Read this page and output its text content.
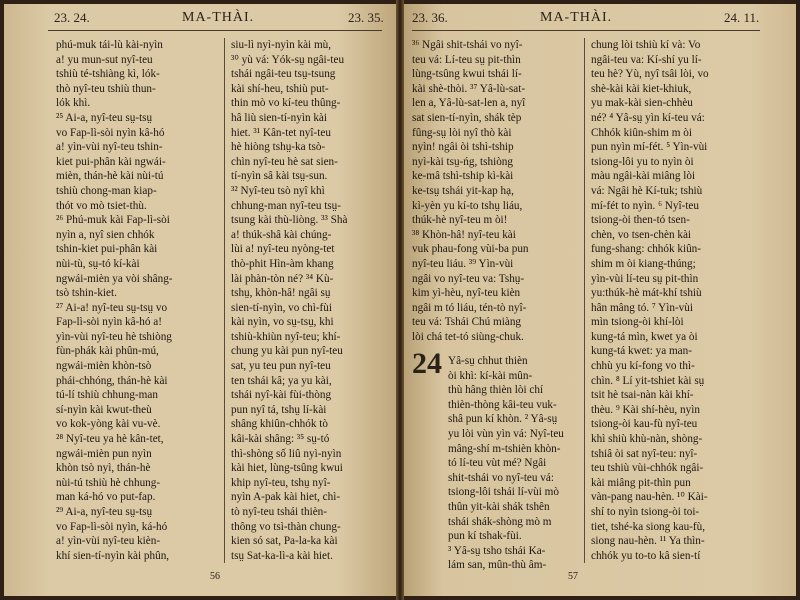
23. 24.	MA-THÀI.	23. 35.

phú-muk tái-lù kài-nyìn

a! yu mun-sut nyî-teu

tshiù té-tshiàng kì, lók-

thò nyî-teu tshiù thun-

lók khì.

²⁵ Ai-a, nyî-teu sṳ-tsṳ

vo Fap-lì-sòi nyìn kâ-hó

a! yìn-vùi nyî-teu tshin-

kiet pui-phân kài ngwái-

mièn, thán-hè kài nùi-tú

tshiù chong-man kiap-

thót vo mò tsiet-thù.

²⁶ Phú-muk kài Fap-lì-sòi

nyìn a, nyî sien chhók

tshin-kiet pui-phân kài

nùi-tù, sṳ-tó kí-kài

ngwái-mièn ya vòi shâng-

tsò tshin-kiet.

²⁷ Ai-a! nyî-teu sṳ-tsṳ vo

Fap-lì-sòi nyìn kâ-hó a!

yìn-vùi nyî-teu hè tshiòng

fùn-phák kài phûn-mú,

ngwái-mièn khòn-tsò

phái-chhóng, thán-hè kài

tú-lí tshiù chhung-man

sí-nyìn kài kwut-theù

vo kok-yòng kài vu-vè.

²⁸ Nyî-teu ya hè kân-tet,

ngwái-mièn pun nyìn

khòn tsò nyì, thán-hè

nùi-tú tshiù hè chhung-

man ká-hó vo put-fap.

²⁹ Ai-a, nyî-teu sṳ-tsṳ

vo Fap-lì-sòi nyìn, ká-hó

a! yìn-vùi nyî-teu kièn-

khí sien-tí-nyìn kài phûn,

siu-lì nyì-nyìn kài mù,

³⁰ yù vá: Yók-sṳ ngâi-teu

tshái ngâi-teu tsṳ-tsung

kài shí-heu, tshiù put-

thin mò vo kí-teu thûng-

hâ liù sien-tí-nyìn kài

hiet. ³¹ Kân-tet nyî-teu

hè hiòng tshṳ-ka tsò-

chìn nyî-teu hè sat sien-

tí-nyìn sâ kài tsṳ-sun.

³² Nyî-teu tsò nyî khì

chhung-man nyî-teu tsṳ-

tsung kài thù-liòng. ³³ Shà

a! thúk-shâ kài chúng-

lùi a! nyî-teu nyòng-tet

thò-phit Hìn-àm khang

lài phàn-tòn né? ³⁴ Kù-

tshṳ, khòn-hâ! ngâi sṳ

sien-tí-nyìn, vo chì-fùi

kài nyìn, vo sṳ-tsṳ, khi

tshiù-khiùn nyî-teu; khí-

chung yu kài pun nyî-teu

sat, yu teu pun nyî-teu

ten tshái kâ; ya yu kài,

tshái nyî-kài fùi-thòng

pun nyî tá, tshṳ lí-kài

shâng khiûn-chhók tò

kâi-kài shâng: ³⁵ sṳ-tó

thì-shòng số liû nyì-nyìn

kài hiet, lùng-tsûng kwui

khip nyî-teu, tshṳ nyî-

nyìn A-pak kài hiet, chì-

tò nyî-teu tshái thièn-

thông vo tsì-thàn chung-

kien só sat, Pa-la-ka kài

tsṳ Sat-ka-lì-a kài hiet.

56
23. 36.	MA-THÀI.	24. 11.

³⁶ Ngâi shit-tshái vo nyî-

teu vá: Lí-teu sṳ pit-thìn

lùng-tsûng kwui tshái lí-

kài shè-thòi. ³⁷ Yâ-lù-sat-

len a, Yâ-lù-sat-len a, nyî

sat sien-tí-nyìn, shák tèp

fûng-sṳ lòi nyî thò kài

nyìn! ngâi òi tshì-tship

nyì-kài tsṳ-ńg, tshiòng

ke-mâ tshì-tship kì-kài

ke-tsṳ tshái yit-kap hạ,

kì-yèn yu kí-to tshṳ liáu,

thúk-hè nyî-teu m òi!

³⁸ Khòn-hâ! nyî-teu kài

vuk phau-fong vùi-ba pun

nyî-teu liáu. ³⁹ Yìn-vùi

ngâi vo nyî-teu va: Tshṳ-

kim yì-hèu, nyî-teu kièn

ngâi m tó liáu, tén-tò nyî-

teu vá: Tshái Chú miàng

lòi chá tet-tó siùng-chuk.

24 Yâ-sṳ chhut thièn

òi khì: kí-kài mûn-

thù hâng thièn lòi chí

thièn-thòng kâi-teu vuk-

shâ pun kí khòn. ² Yâ-sṳ

yu lòi vùn yìn vá: Nyî-teu

mâng-shí m-tshièn khòn-

tó lí-teu vùt mé? Ngâi

shit-tshái vo nyî-teu vá:

tsiong-lôi tshái lí-vùi mò

thûn yit-kài shák tshên

tshái shák-shòng mò m

pun kí tshak-fùi.

³ Yâ-sṳ tsho tshái Ka-

lám san, mûn-thù âm-

chung lòi tshiù kí và: Vo

ngâi-teu va: Kí-shí yu lí-

teu hè? Yù, nyî tsâi lòi, vo

shè-kài kài kiet-khiuk,

yu mak-kài sien-chhèu

né? ⁴ Yâ-sṳ yìn kí-teu vá:

Chhók kiûn-shim m òi

pun nyìn mí-fét. ⁵ Yìn-vùi

tsiong-lôi yu to nyìn òi

màu ngâi-kài miâng lòi

vá: Ngâi hè Kí-tuk; tshiù

mí-fét to nyìn. ⁶ Nyî-teu

tsiong-òi then-tó tsen-

chèn, vo tsen-chèn kài

fung-shang: chhók kiûn-

shim m òi kiang-thúng;

yìn-vùi lí-teu sṳ pit-thìn

yu:thúk-hè mát-khí tshiù

hân mâng tó. ⁷ Yìn-vùi

mìn tsiong-òi khí-lòi

kung-tá mìn, kwet ya òi

kung-tá kwet: ya man-

chhù yu kí-fong vo thì-

chìn. ⁸ Lí yit-tshiet kài sṳ

tsit hè tsai-nàn kài khí-

thèu. ⁹ Kài shí-hèu, nyìn

tsiong-òi kau-fù nyî-teu

khì shiù khù-nàn, shòng-

tshiâ òi sat nyî-teu: nyî-

teu tshiù vùi-chhók ngâi-

kài miâng pit-thìn pun

vàn-pang nau-hèn. ¹⁰ Kài-

shí to nyìn tsiong-òi toi-

tiet, tshé-ka siong kau-fù,

siong nau-hèn. ¹¹ Ya thìn-

chhók yu to-to kâ sien-tí

57
